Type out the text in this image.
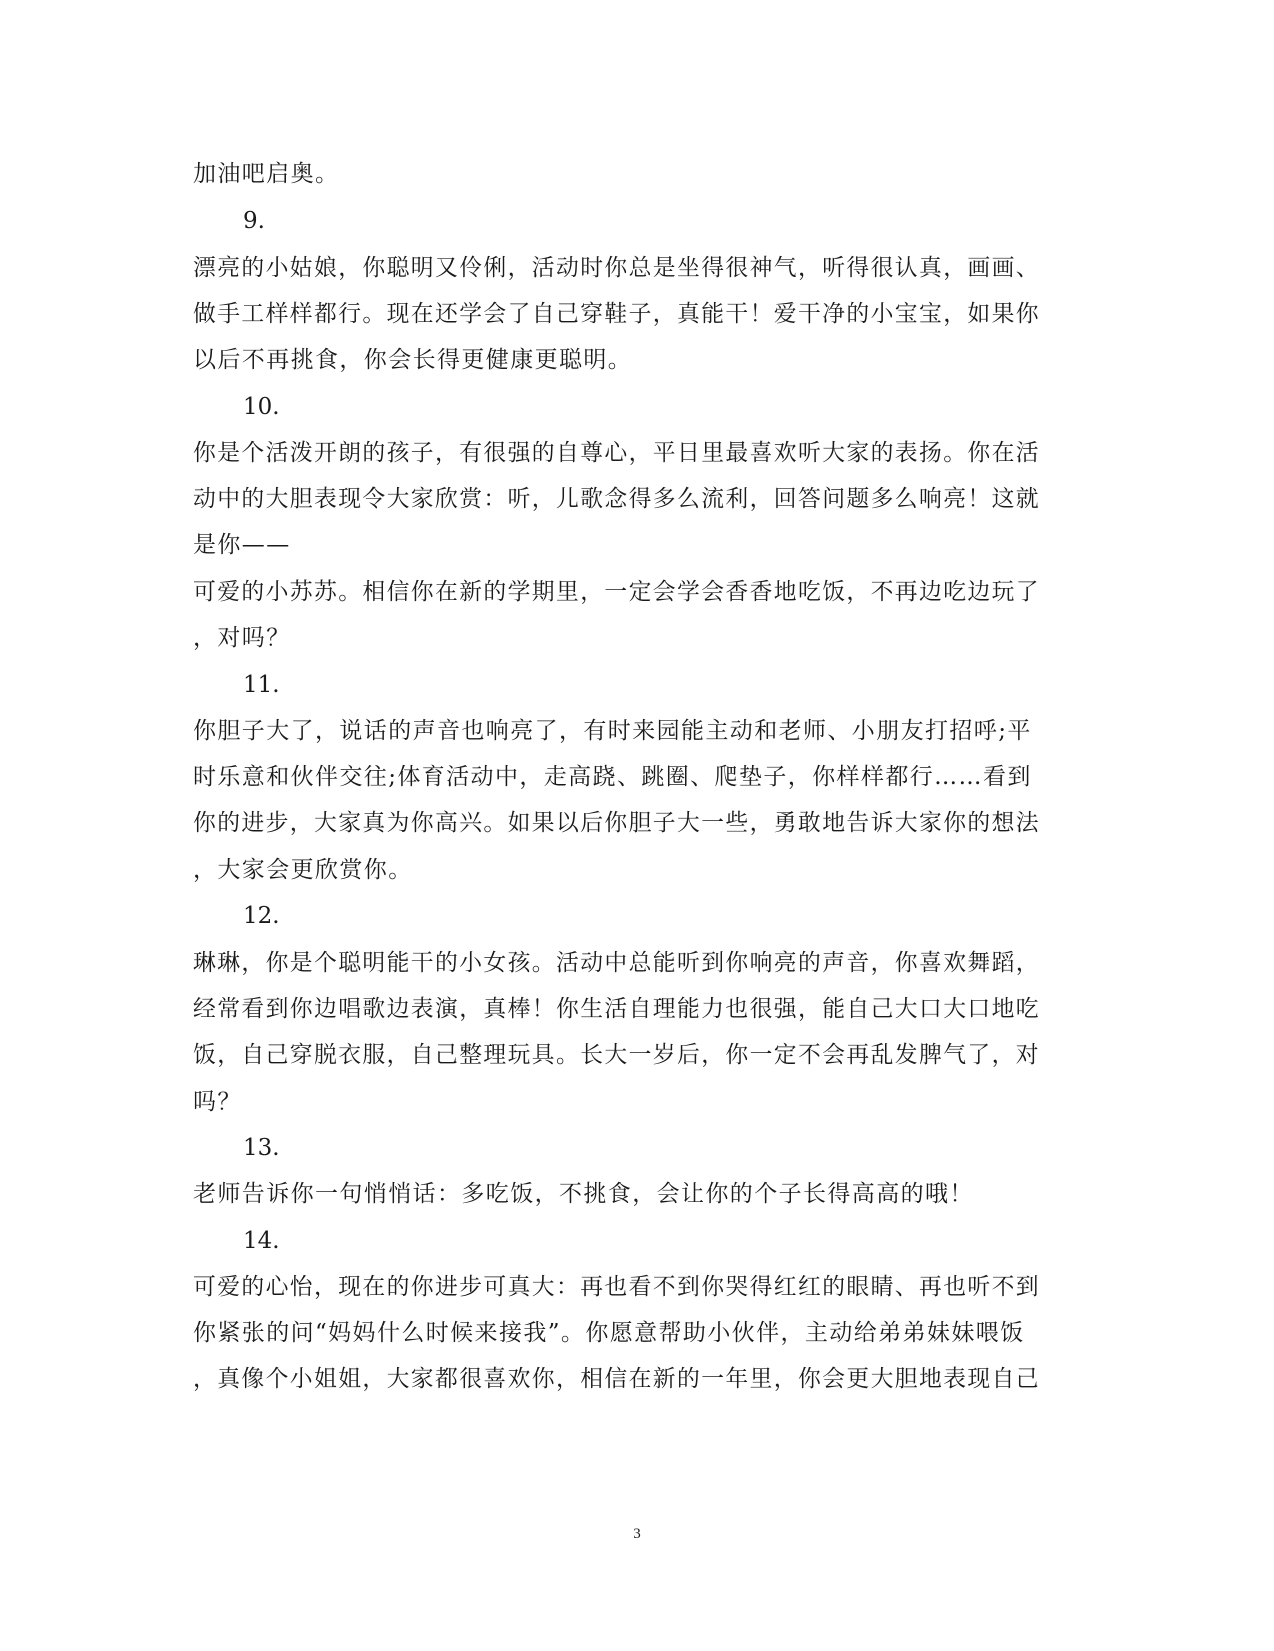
加油吧启奥。
9.
漂亮的小姑娘，你聪明又伶俐，活动时你总是坐得很神气，听得很认真，画画、
做手工样样都行。现在还学会了自己穿鞋子，真能干！爱干净的小宝宝，如果你
以后不再挑食，你会长得更健康更聪明。
10.
你是个活泼开朗的孩子，有很强的自尊心，平日里最喜欢听大家的表扬。你在活
动中的大胆表现令大家欣赏：听，儿歌念得多么流利，回答问题多么响亮！这就
是你——
可爱的小苏苏。相信你在新的学期里，一定会学会香香地吃饭，不再边吃边玩了
，对吗？
11.
你胆子大了，说话的声音也响亮了，有时来园能主动和老师、小朋友打招呼;平
时乐意和伙伴交往;体育活动中，走高跷、跳圈、爬垫子，你样样都行……看到
你的进步，大家真为你高兴。如果以后你胆子大一些，勇敢地告诉大家你的想法
，大家会更欣赏你。
12.
琳琳，你是个聪明能干的小女孩。活动中总能听到你响亮的声音，你喜欢舞蹈，
经常看到你边唱歌边表演，真棒！你生活自理能力也很强，能自己大口大口地吃
饭，自己穿脱衣服，自己整理玩具。长大一岁后，你一定不会再乱发脾气了，对
吗？
13.
老师告诉你一句悄悄话：多吃饭，不挑食，会让你的个子长得高高的哦！
14.
可爱的心怡，现在的你进步可真大：再也看不到你哭得红红的眼睛、再也听不到
你紧张的问“妈妈什么时候来接我”。你愿意帮助小伙伴，主动给弟弟妹妹喂饭
，真像个小姐姐，大家都很喜欢你，相信在新的一年里，你会更大胆地表现自己
3
